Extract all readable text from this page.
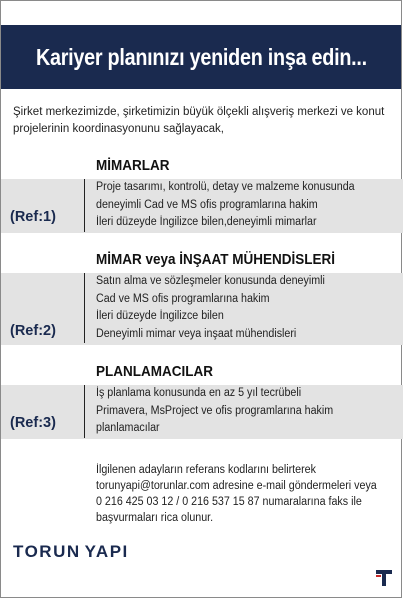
Kariyer planınızı yeniden inşa edin...
Şirket merkezimizde, şirketimizin büyük ölçekli alışveriş merkezi ve konut projelerinin koordinasyonunu sağlayacak,
MİMARLAR
(Ref:1)
Proje tasarımı, kontrolü, detay ve malzeme konusunda
deneyimli Cad ve MS ofis programlarına hakim
İleri düzeyde İngilizce bilen,deneyimli mimarlar
MİMAR veya İNŞAAT MÜHENDİSLERİ
(Ref:2)
Satın alma ve sözleşmeler konusunda deneyimli
Cad ve MS ofis programlarına hakim
İleri düzeyde İngilizce bilen
Deneyimli mimar veya inşaat mühendisleri
PLANLAMACILAR
(Ref:3)
İş planlama konusunda en az 5 yıl tecrübeli
Primavera, MsProject ve ofis programlarına hakim
planlamacılar
İlgilenen adayların referans kodlarını belirterek
torunyapi@torunlar.com adresine e-mail göndermeleri veya
0 216 425 03 12 / 0 216 537 15 87 numaralarına faks ile
başvurmaları rica olunur.
TORUN YAPI
